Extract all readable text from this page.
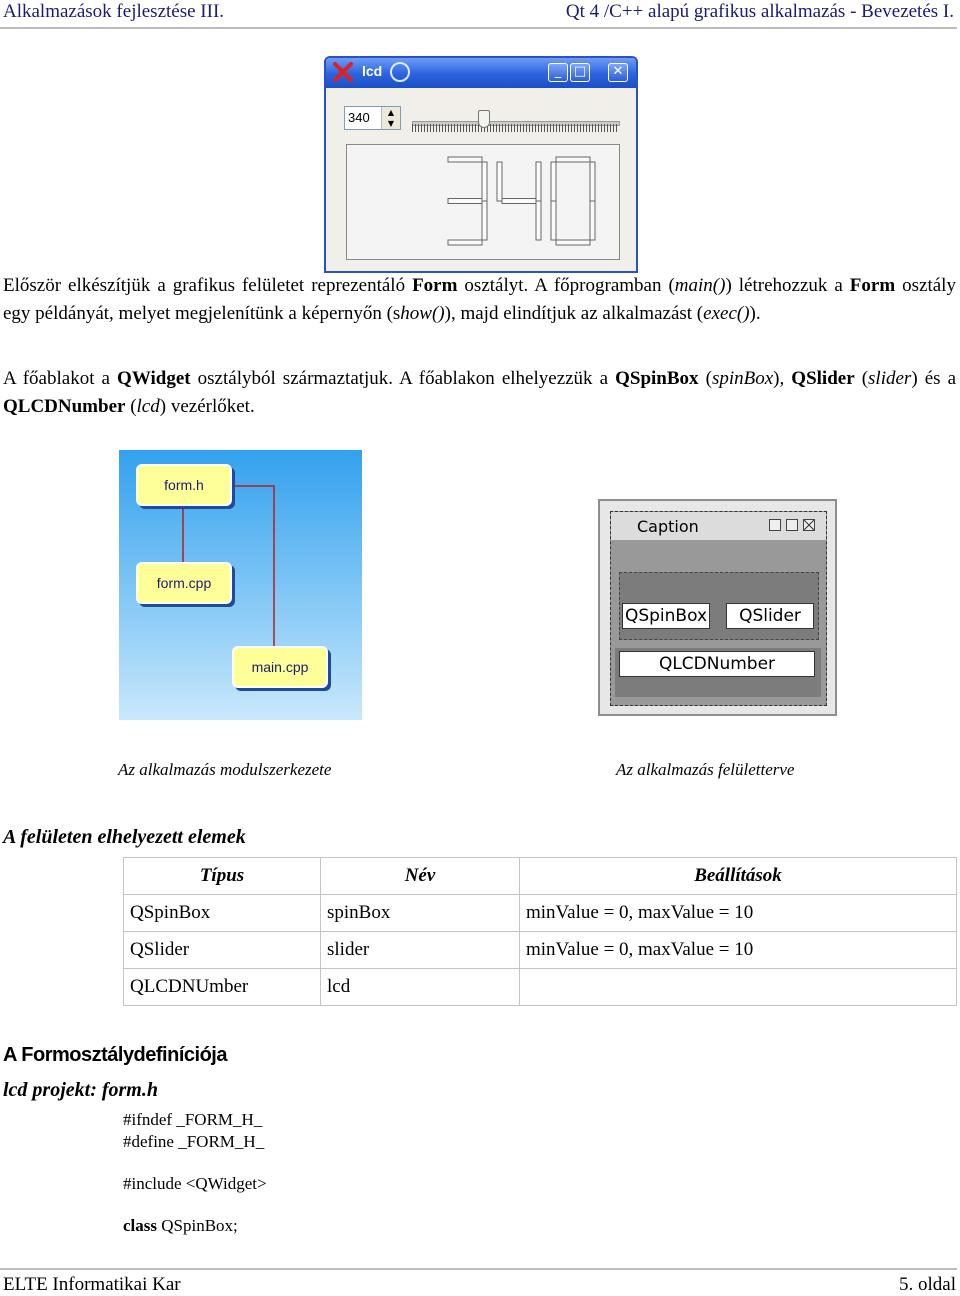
Alkalmazások fejlesztése III.	Qt 4 /C++ alapú grafikus alkalmazás - Bevezetés I.
lcd	_ □	✕
340	▲
▼
Először elkészítjük a grafikus felületet reprezentáló Form osztályt. A főprogramban (main()) létrehozzuk a Form osztály egy példányát, melyet megjelenítünk a képernyőn (show()), majd elindítjuk az alkalmazást (exec()).
A főablakot a QWidget osztályból származtatjuk. A főablakon elhelyezzük a QSpinBox (spinBox), QSlider (slider) és a QLCDNumber (lcd) vezérlőket.
form.h
form.cpp
main.cpp
Caption
QSpinBox	QSlider
QLCDNumber
Az alkalmazás modulszerkezete	Az alkalmazás felületterve
A felületen elhelyezett elemek
Típus	Név	Beállítások
QSpinBox	spinBox	minValue = 0, maxValue = 10
QSlider	slider	minValue = 0, maxValue = 10
QLCDNUmber	lcd	
A Formosztálydefiníciója
lcd projekt: form.h
#ifndef _FORM_H_
#define _FORM_H_
#include <QWidget>
class QSpinBox;
ELTE Informatikai Kar	5. oldal
